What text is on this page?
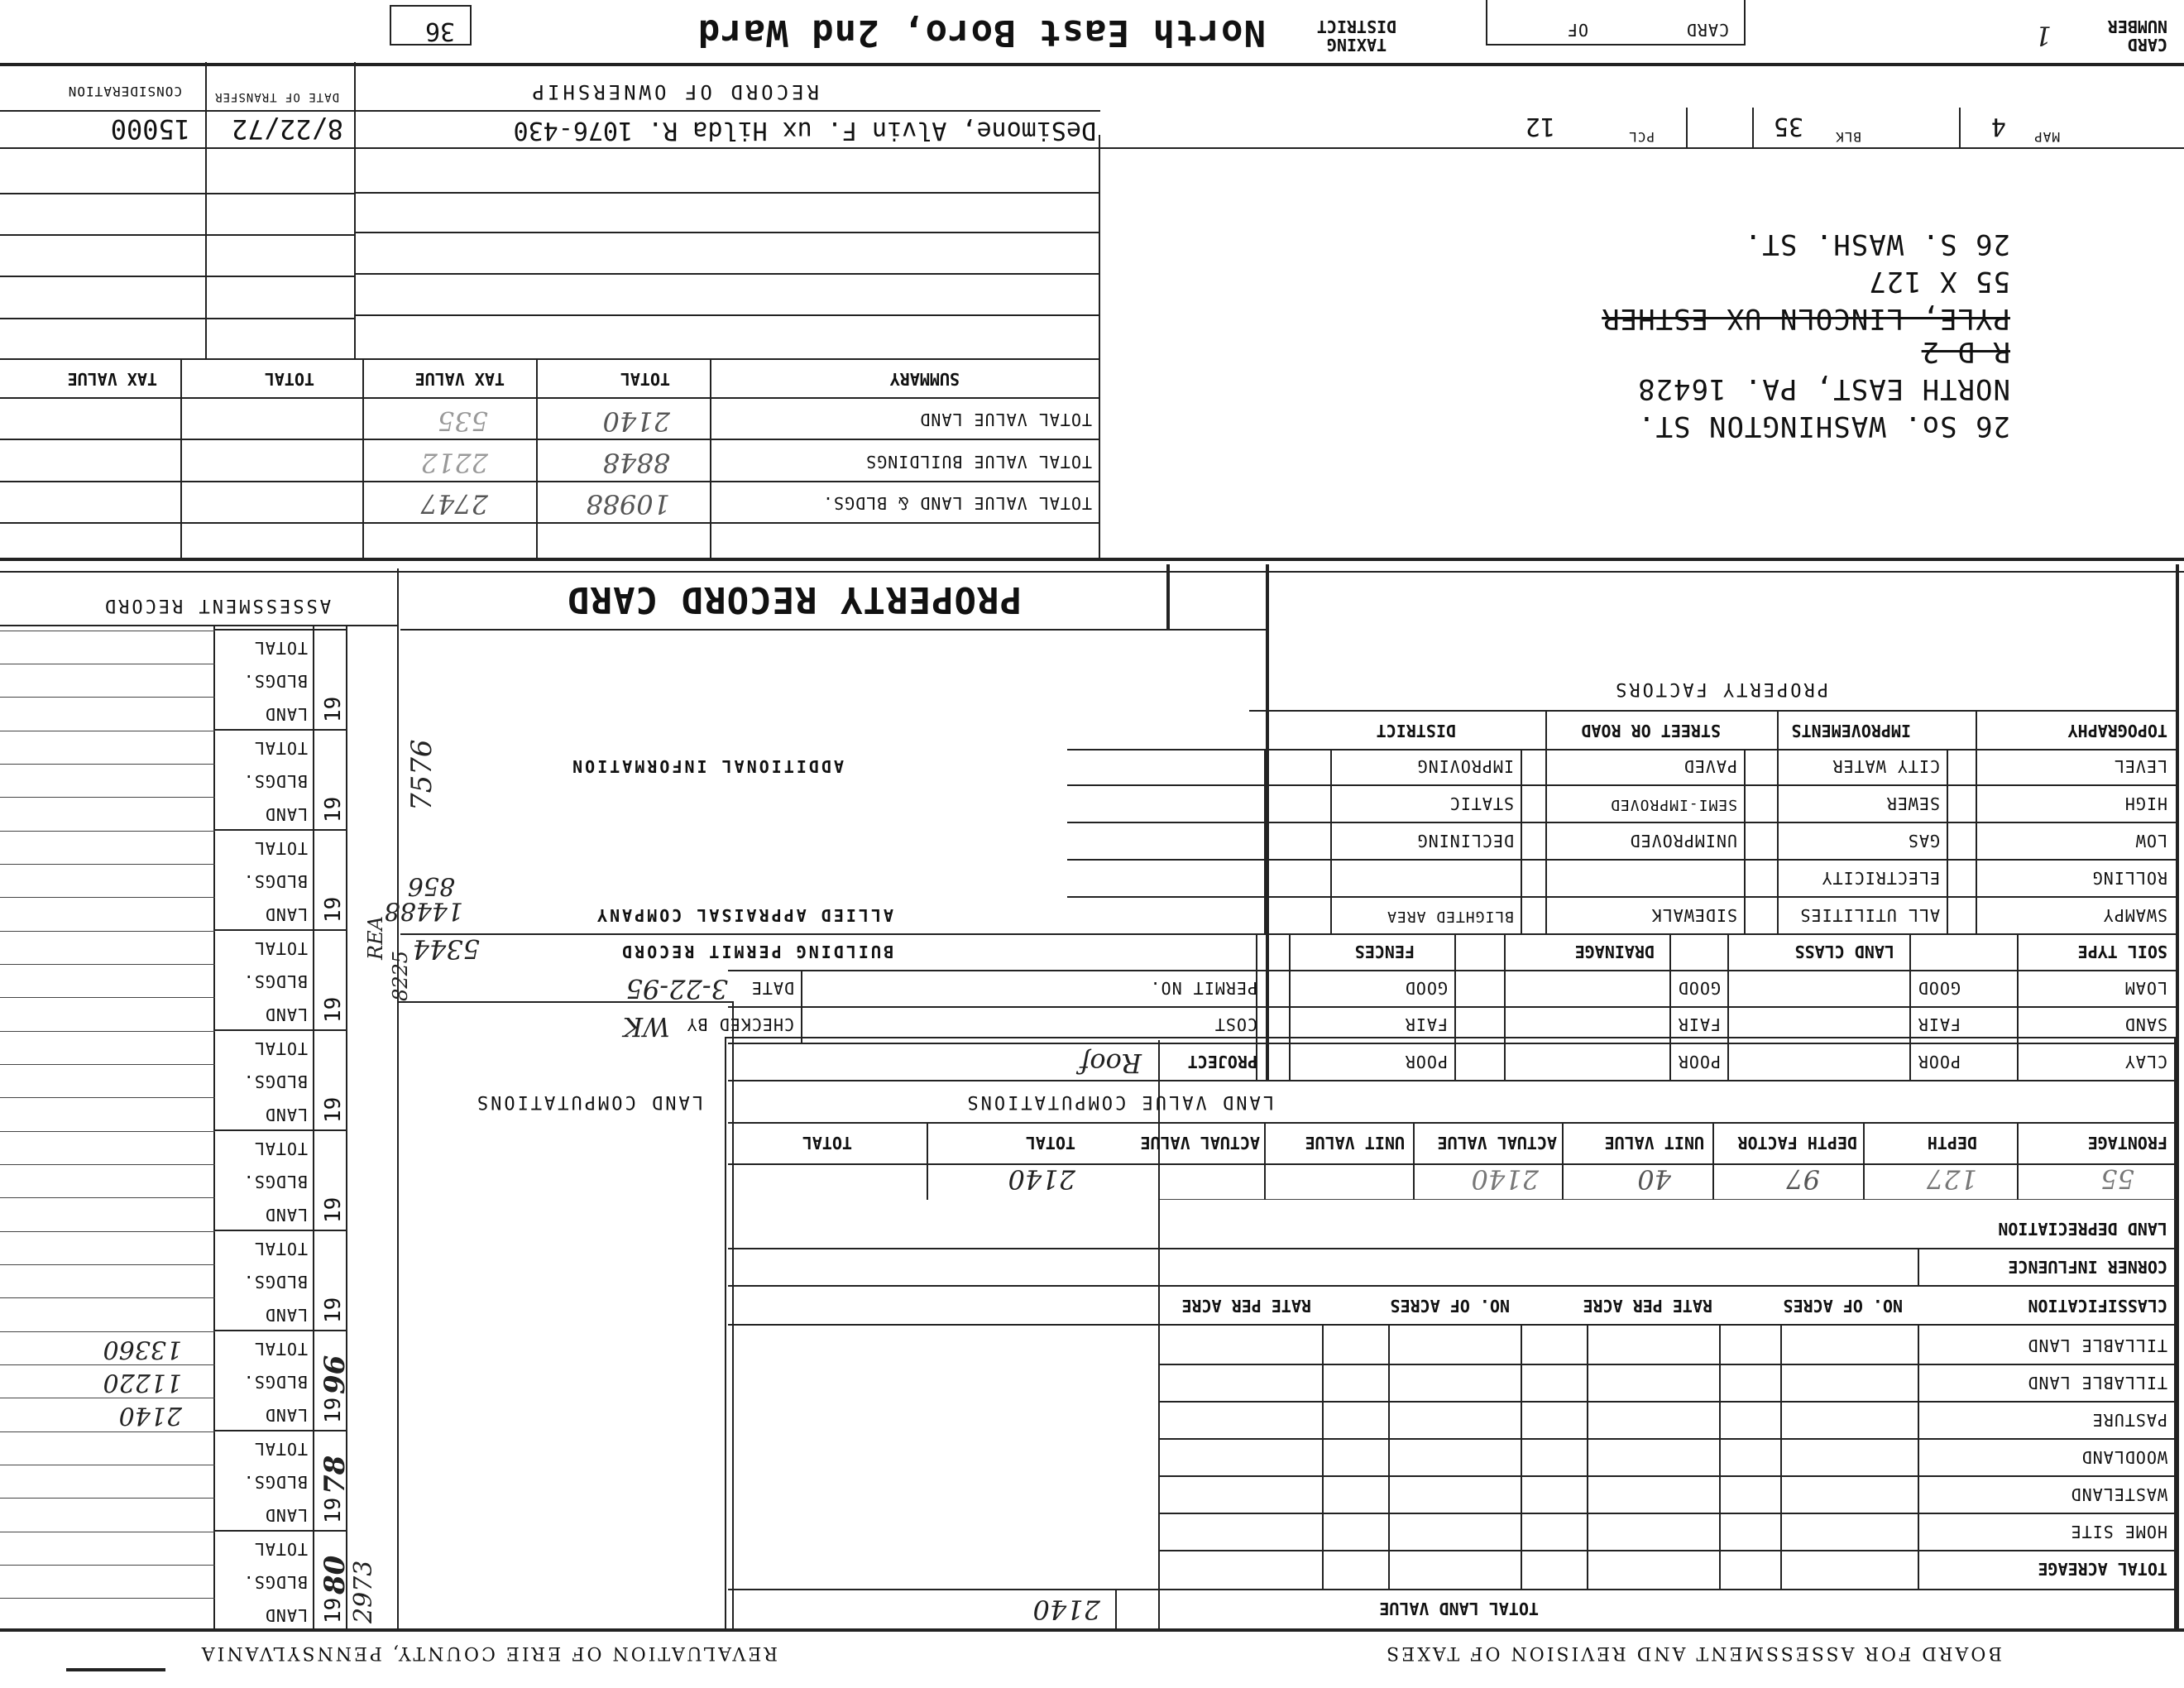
REVALUATION OF ERIE COUNTY, PENNSYLVANIA	BOARD FOR ASSESSMENT AND REVISION OF TAXES
TOTAL LAND VALUE
2140
TOTAL ACREAGE
HOME SITE
WASTELAND
WOODLAND
PASTURE
TILLABLE LAND
TILLABLE LAND
CLASSIFICATION
NO. OF ACRES
RATE PER ACRE
NO. OF ACRES
RATE PER ACRE
CORNER INFLUENCE
LAND DEPRECIATION
FRONTAGE
DEPTH
DEPTH FACTOR
UNIT VALUE
ACTUAL VALUE
UNIT VALUE
ACTUAL VALUE
TOTAL
TOTAL
55
127
97
40
2140
2140
LAND VALUE COMPUTATIONS
LAND COMPUTATIONS
CLAY
SAND
LOAM
SOIL TYPE
POOR
FAIR
GOOD
LAND CLASS
POOR
FAIR
GOOD
DRAINAGE
POOR
FAIR
GOOD
FENCES
SWAMPY
ROLLING
LOW
HIGH
LEVEL
TOPOGRAPHY
ALL UTILITIES
ELECTRICITY
GAS
SEWER
CITY WATER
IMPROVEMENTS
SIDEWALK
UNIMPROVED
SEMI-IMPROVED
PAVED
STREET OR ROAD
BLIGHTED AREA
DECLINING
STATIC
IMPROVING
DISTRICT
PROPERTY FACTORS
PROJECT
Roof
COST
PERMIT NO.
CHECKED BY
WK
DATE
3-22-95
BUILDING PERMIT RECORD
5344
ALLIED APPRAISAL COMPANY
ADDITIONAL INFORMATION
14488
856
7576
8225
REA
PROPERTY RECORD CARD
ASSESSMENT RECORD
26 So. WASHINGTON ST.
NORTH EAST, PA. 16428
R D 2
PYLE, LINCOLN UX ESTHER
55 X 127
26 S. WASH. ST.
TOTAL VALUE LAND & BLDGS.
TOTAL VALUE BUILDINGS
TOTAL VALUE LAND
SUMMARY
TOTAL
TAX VALUE
TOTAL
TAX VALUE
10988
2747
8848
2212
2140
535
DeSimone, Alvin F. ux Hilda R. 1076-430
8/22/72
15000
RECORD OF OWNERSHIP
DATE OF TRANSFER
CONSIDERATION
MAP
4
BLK
35
PCL
12
CARD NUMBER
1
CARD
OF
TAXING DISTRICT
North East Boro, 2nd Ward
36
LAND
BLDGS.
TOTAL
19
80
2973
LAND
BLDGS.
TOTAL
19
78
LAND
2140
BLDGS.
11220
TOTAL
13360
19
96
LAND
BLDGS.
TOTAL
19
LAND
BLDGS.
TOTAL
19
LAND
BLDGS.
TOTAL
19
LAND
BLDGS.
TOTAL
19
LAND
BLDGS.
TOTAL
19
LAND
BLDGS.
TOTAL
19
LAND
BLDGS.
TOTAL
19
